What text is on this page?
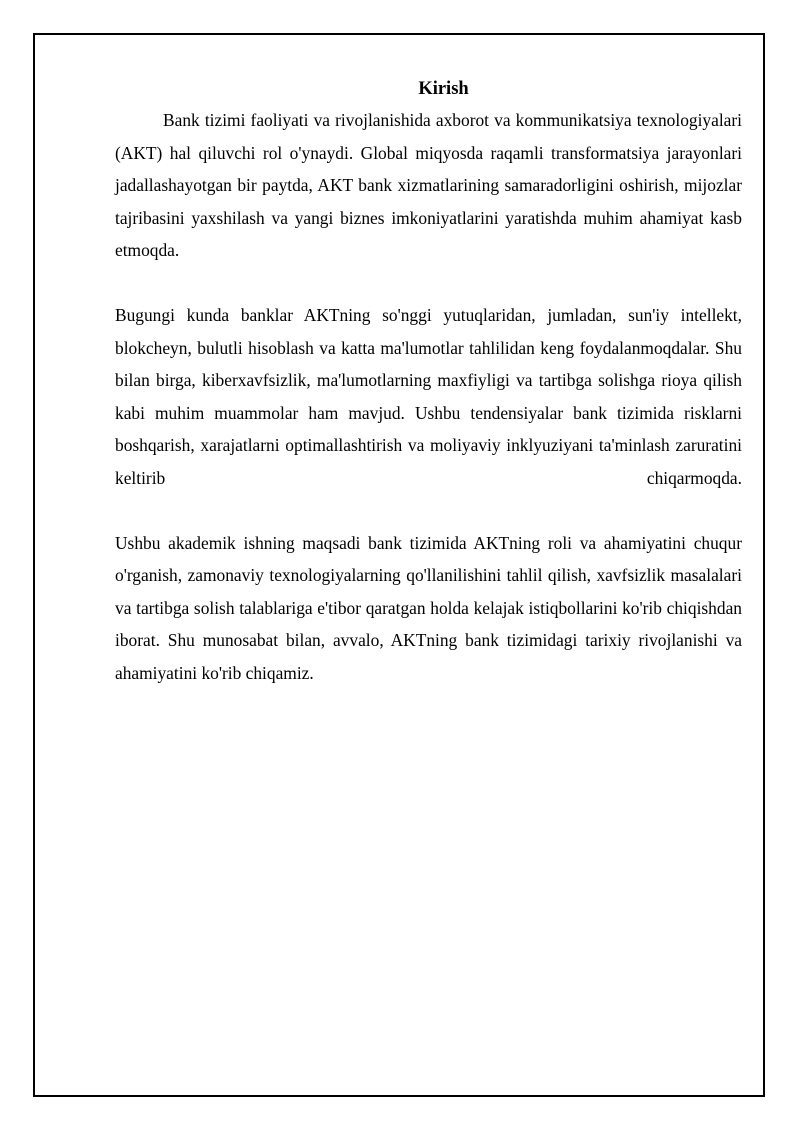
Kirish

Bank tizimi faoliyati va rivojlanishida axborot va kommunikatsiya texnologiyalari (AKT) hal qiluvchi rol o'ynaydi. Global miqyosda raqamli transformatsiya jarayonlari jadallashayotgan bir paytda, AKT bank xizmatlarining samaradorligini oshirish, mijozlar tajribasini yaxshilash va yangi biznes imkoniyatlarini yaratishda muhim ahamiyat kasb etmoqda.

Bugungi kunda banklar AKTning so'nggi yutuqlaridan, jumladan, sun'iy intellekt, blokcheyn, bulutli hisoblash va katta ma'lumotlar tahlilidan keng foydalanmoqdalar. Shu bilan birga, kiberxavfsizlik, ma'lumotlarning maxfiyligi va tartibga solishga rioya qilish kabi muhim muammolar ham mavjud. Ushbu tendensiyalar bank tizimida risklarni boshqarish, xarajatlarni optimallashtirish va moliyaviy inklyuziyani ta'minlash zaruratini keltirib chiqarmoqda.

Ushbu akademik ishning maqsadi bank tizimida AKTning roli va ahamiyatini chuqur o'rganish, zamonaviy texnologiyalarning qo'llanilishini tahlil qilish, xavfsizlik masalalari va tartibga solish talablariga e'tibor qaratgan holda kelajak istiqbollarini ko'rib chiqishdan iborat. Shu munosabat bilan, avvalo, AKTning bank tizimidagi tarixiy rivojlanishi va ahamiyatini ko'rib chiqamiz.
